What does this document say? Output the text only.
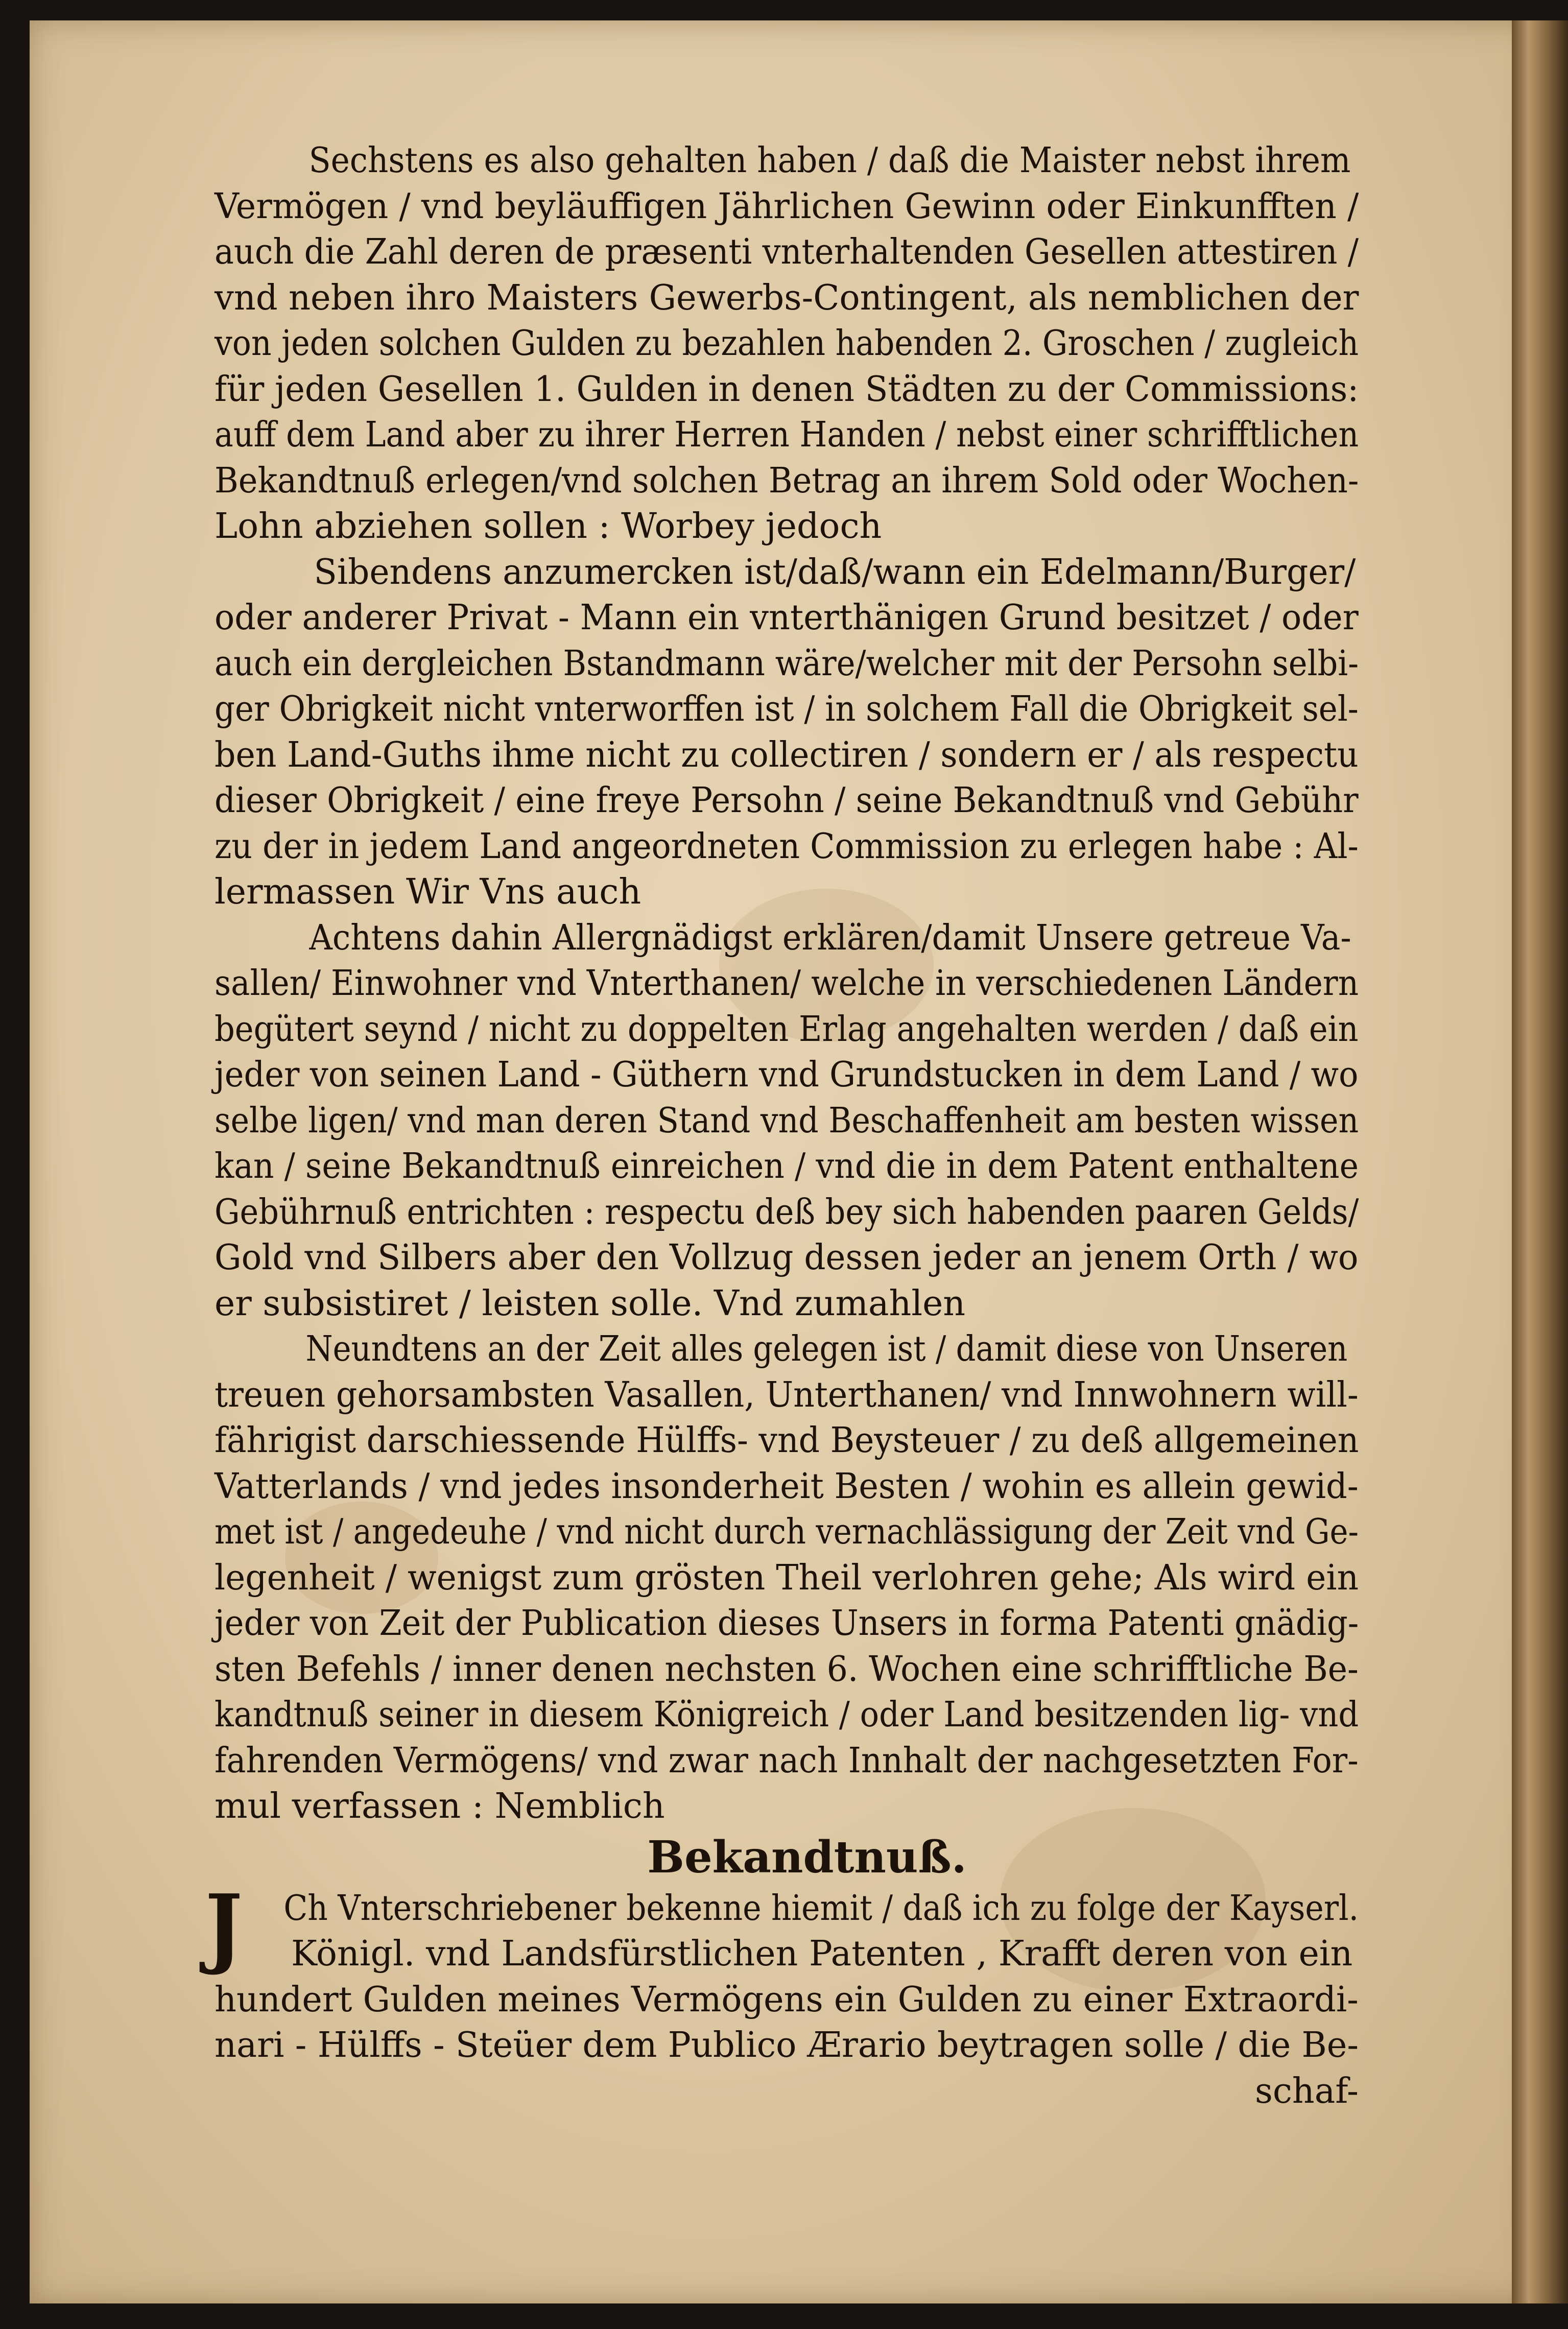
Sechstens es also gehalten haben / daß die Maister nebst ihrem
Vermögen / vnd beyläuffigen Jährlichen Gewinn oder Einkunfften /
auch die Zahl deren de præsenti vnterhaltenden Gesellen attestiren /
vnd neben ihro Maisters Gewerbs-Contingent, als nemblichen der
von jeden solchen Gulden zu bezahlen habenden 2. Groschen / zugleich
für jeden Gesellen 1. Gulden in denen Städten zu der Commissions:
auff dem Land aber zu ihrer Herren Handen / nebst einer schrifftlichen
Bekandtnuß erlegen/vnd solchen Betrag an ihrem Sold oder Wochen-
Lohn abziehen sollen : Worbey jedoch
Sibendens anzumercken ist/daß/wann ein Edelmann/Burger/
oder anderer Privat - Mann ein vnterthänigen Grund besitzet / oder
auch ein dergleichen Bstandmann wäre/welcher mit der Persohn selbi-
ger Obrigkeit nicht vnterworffen ist / in solchem Fall die Obrigkeit sel-
ben Land-Guths ihme nicht zu collectiren / sondern er / als respectu
dieser Obrigkeit / eine freye Persohn / seine Bekandtnuß vnd Gebühr
zu der in jedem Land angeordneten Commission zu erlegen habe : Al-
lermassen Wir Vns auch
Achtens dahin Allergnädigst erklären/damit Unsere getreue Va-
sallen/ Einwohner vnd Vnterthanen/ welche in verschiedenen Ländern
begütert seynd / nicht zu doppelten Erlag angehalten werden / daß ein
jeder von seinen Land - Güthern vnd Grundstucken in dem Land / wo
selbe ligen/ vnd man deren Stand vnd Beschaffenheit am besten wissen
kan / seine Bekandtnuß einreichen / vnd die in dem Patent enthaltene
Gebührnuß entrichten : respectu deß bey sich habenden paaren Gelds/
Gold vnd Silbers aber den Vollzug dessen jeder an jenem Orth / wo
er subsistiret / leisten solle. Vnd zumahlen
Neundtens an der Zeit alles gelegen ist / damit diese von Unseren
treuen gehorsambsten Vasallen, Unterthanen/ vnd Innwohnern will-
fährigist darschiessende Hülffs- vnd Beysteuer / zu deß allgemeinen
Vatterlands / vnd jedes insonderheit Besten / wohin es allein gewid-
met ist / angedeuhe / vnd nicht durch vernachlässigung der Zeit vnd Ge-
legenheit / wenigst zum grösten Theil verlohren gehe; Als wird ein
jeder von Zeit der Publication dieses Unsers in forma Patenti gnädig-
sten Befehls / inner denen nechsten 6. Wochen eine schrifftliche Be-
kandtnuß seiner in diesem Königreich / oder Land besitzenden lig- vnd
fahrenden Vermögens/ vnd zwar nach Innhalt der nachgesetzten For-
mul verfassen : Nemblich
Bekandtnuß.
J	Ch Vnterschriebener bekenne hiemit / daß ich zu folge der Kayserl.
Königl. vnd Landsfürstlichen Patenten , Krafft deren von ein
hundert Gulden meines Vermögens ein Gulden zu einer Extraordi-
nari - Hülffs - Steüer dem Publico Ærario beytragen solle / die Be-
schaf-
